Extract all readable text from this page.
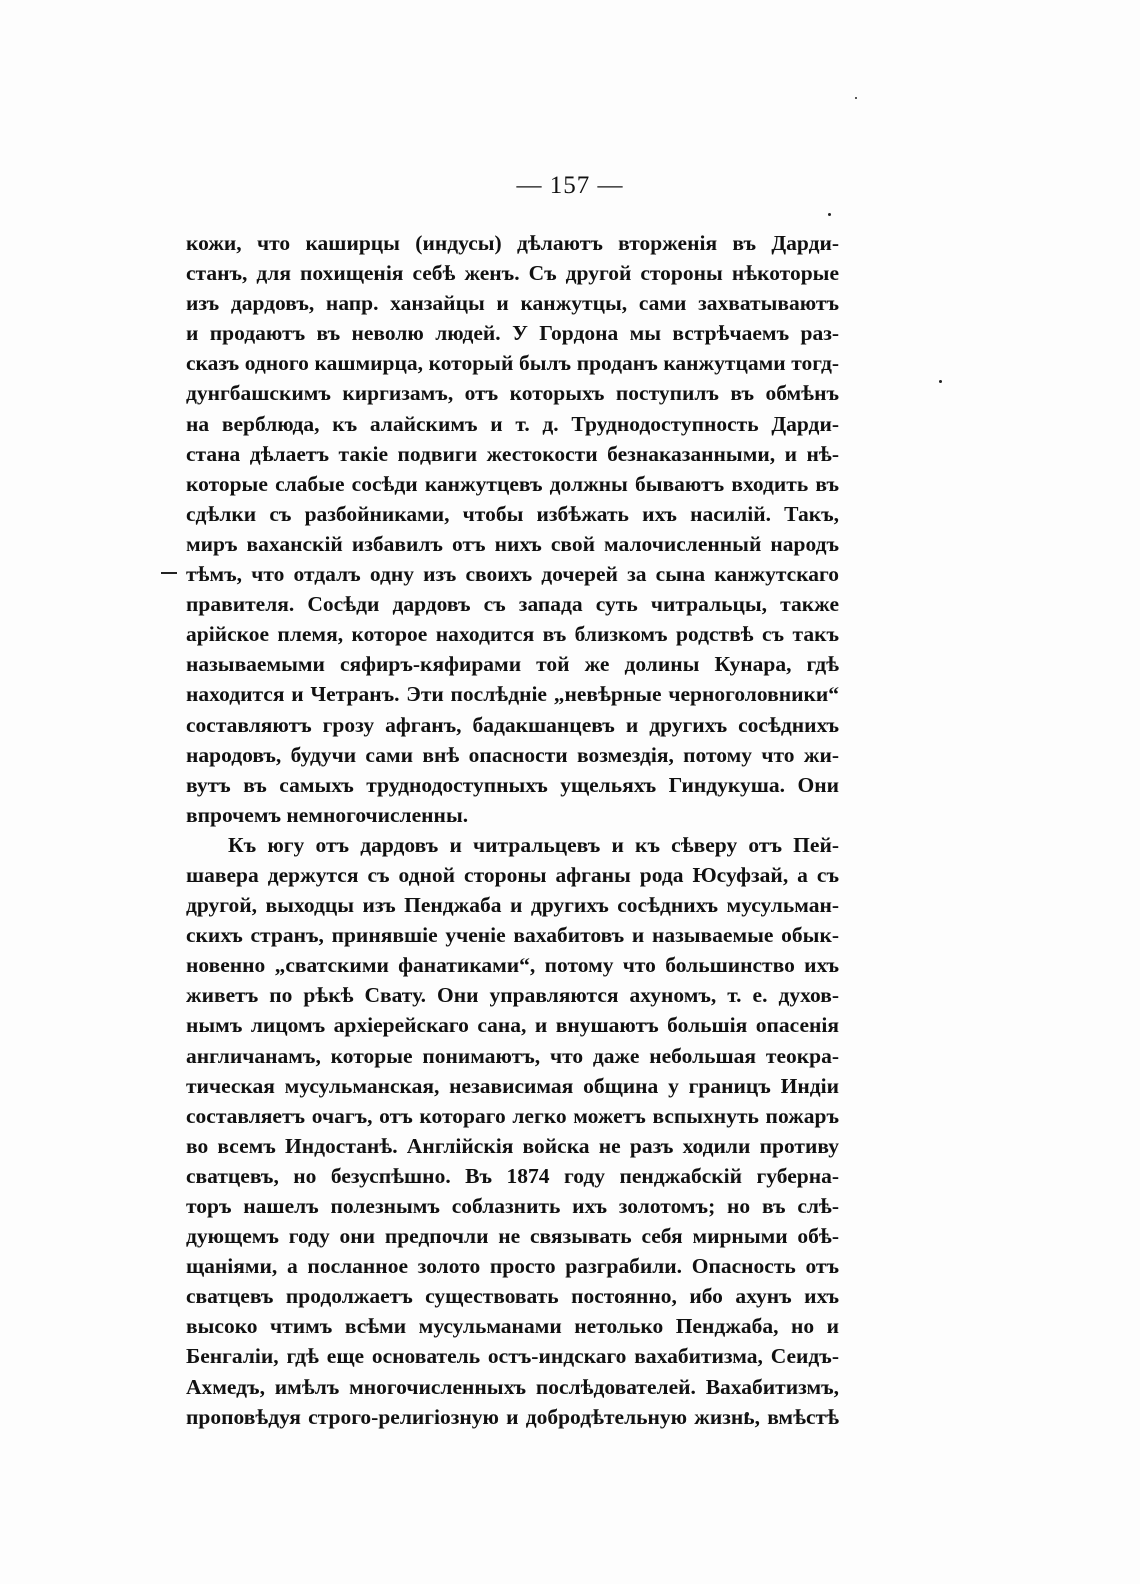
— 157 —
кожи, что каширцы (индусы) дѣлаютъ вторженія въ Дарди-
станъ, для похищенія себѣ женъ. Съ другой стороны нѣкоторые
изъ дардовъ, напр. ханзайцы и канжутцы, сами захватываютъ
и продаютъ въ неволю людей. У Гордона мы встрѣчаемъ раз-
сказъ одного кашмирца, который былъ проданъ канжутцами тогд-
дунгбашскимъ киргизамъ, отъ которыхъ поступилъ въ обмѣнъ
на верблюда, къ алайскимъ и т. д. Труднодоступность Дарди-
стана дѣлаетъ такіе подвиги жестокости безнаказанными, и нѣ-
которые слабые сосѣди канжутцевъ должны бываютъ входить въ
сдѣлки съ разбойниками, чтобы избѣжать ихъ насилій. Такъ,
миръ ваханскій избавилъ отъ нихъ свой малочисленный народъ
тѣмъ, что отдалъ одну изъ своихъ дочерей за сына канжутскаго
правителя. Сосѣди дардовъ съ запада суть читральцы, также
арійское племя, которое находится въ близкомъ родствѣ съ такъ
называемыми сяфиръ-кяфирами той же долины Кунара, гдѣ
находится и Четранъ. Эти послѣдніе „невѣрные черноголовники“
составляютъ грозу афганъ, бадакшанцевъ и другихъ сосѣднихъ
народовъ, будучи сами внѣ опасности возмездія, потому что жи-
вутъ въ самыхъ труднодоступныхъ ущельяхъ Гиндукуша. Они
впрочемъ немногочисленны.
Къ югу отъ дардовъ и читральцевъ и къ сѣверу отъ Пей-
шавера держутся съ одной стороны афганы рода Юсуфзай, а съ
другой, выходцы изъ Пенджаба и другихъ сосѣднихъ мусульман-
скихъ странъ, принявшіе ученіе вахабитовъ и называемые обык-
новенно „сватскими фанатиками“, потому что большинство ихъ
живетъ по рѣкѣ Свату. Они управляются ахуномъ, т. е. духов-
нымъ лицомъ архіерейскаго сана, и внушаютъ большія опасенія
англичанамъ, которые понимаютъ, что даже небольшая теокра-
тическая мусульманская, независимая община у границъ Индіи
составляетъ очагъ, отъ котораго легко можетъ вспыхнуть пожаръ
во всемъ Индостанѣ. Англійскія войска не разъ ходили противу
сватцевъ, но безуспѣшно. Въ 1874 году пенджабскій губерна-
торъ нашелъ полезнымъ соблазнить ихъ золотомъ; но въ слѣ-
дующемъ году они предпочли не связывать себя мирными обѣ-
щаніями, а посланное золото просто разграбили. Опасность отъ
сватцевъ продолжаетъ существовать постоянно, ибо ахунъ ихъ
высоко чтимъ всѣми мусульманами нетолько Пенджаба, но и
Бенгаліи, гдѣ еще основатель остъ-индскаго вахабитизма, Сеидъ-
Ахмедъ, имѣлъ многочисленныхъ послѣдователей. Вахабитизмъ,
проповѣдуя строго-религіозную и добродѣтельную жизнь, вмѣстѣ
